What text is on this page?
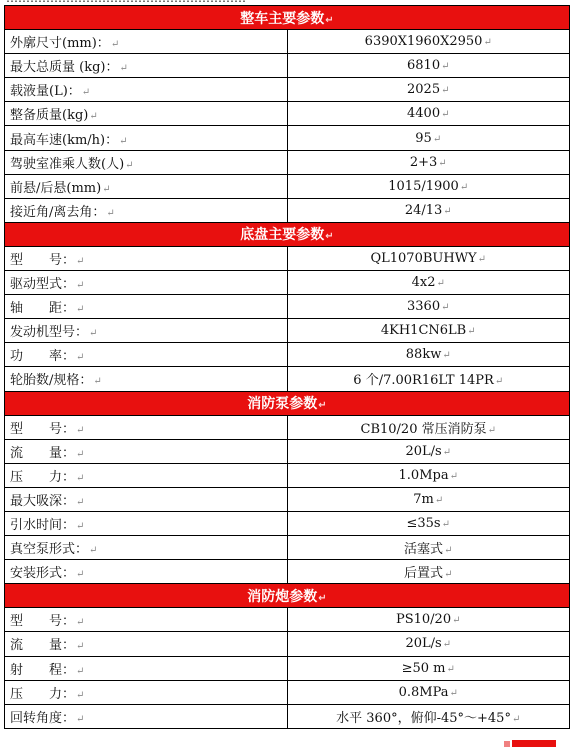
整车主要参数↵	
外廓尺寸(mm)：↵	6390X1960X2950↵
最大总质量 (kg)：↵	6810↵
载液量(L)：↵	2025↵
整备质量(kg)↵	4400↵
最高车速(km/h)：↵	95↵
驾驶室准乘人数(人)↵	2+3↵
前悬/后悬(mm)↵	1015/1900↵
接近角/离去角：↵	24/13↵
底盘主要参数↵	
型　　号：↵	QL1070BUHWY↵
驱动型式：↵	4x2↵
轴　　距：↵	3360↵
发动机型号：↵	4KH1CN6LB↵
功　　率：↵	88kw↵
轮胎数/规格：↵	6 个/7.00R16LT 14PR↵
消防泵参数↵	
型　　号：↵	CB10/20 常压消防泵↵
流　　量：↵	20L/s↵
压　　力：↵	1.0Mpa↵
最大吸深：↵	7m↵
引水时间：↵	≤35s↵
真空泵形式：↵	活塞式↵
安装形式：↵	后置式↵
消防炮参数↵	
型　　号：↵	PS10/20↵
流　　量：↵	20L/s↵
射　　程：↵	≥50 m↵
压　　力：↵	0.8MPa↵
回转角度：↵	水平 360°，俯仰-45°～+45°↵
